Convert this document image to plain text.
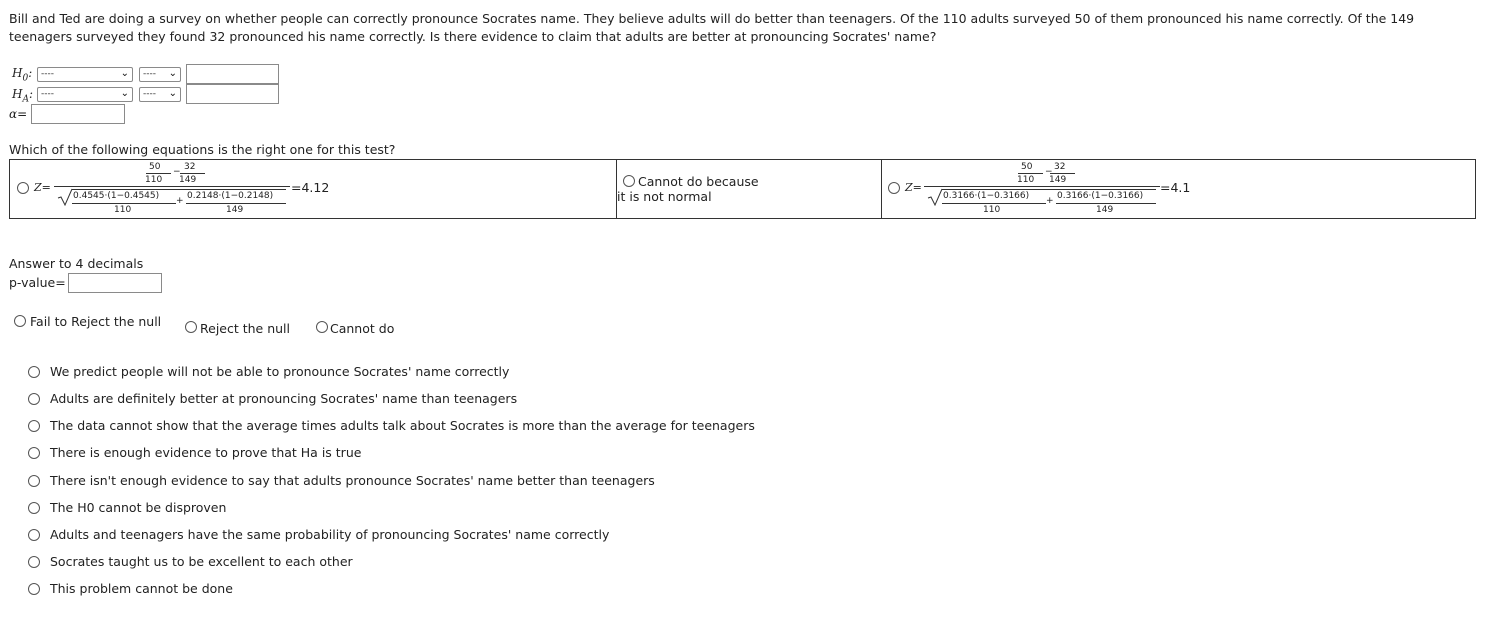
Bill and Ted are doing a survey on whether people can correctly pronounce Socrates name. They believe adults will do better than teenagers. Of the 110 adults surveyed 50 of them pronounced his name correctly. Of the 149 teenagers surveyed they found 32 pronounced his name correctly. Is there evidence to claim that adults are better at pronouncing Socrates' name?
$H_0$: ----	⌄	---- ⌄
$H_A$: ----	⌄	---- ⌄
α=
Which of the following equations is the right one for this test?
Z=
50
110
− 32
149	=4.12
0.4545·(1−0.4545)
110
+ 0.2148·(1−0.2148)
149

Cannot do because
it is not normal

Z=
50
110
− 32
149	=4.1
0.3166·(1−0.3166)
110
+ 0.3166·(1−0.3166)
149
Answer to 4 decimals
p-value=
Fail to Reject the null	Reject the null	Cannot do
We predict people will not be able to pronounce Socrates' name correctly
Adults are definitely better at pronouncing Socrates' name than teenagers
The data cannot show that the average times adults talk about Socrates is more than the average for teenagers
There is enough evidence to prove that Ha is true
There isn't enough evidence to say that adults pronounce Socrates' name better than teenagers
The H0 cannot be disproven
Adults and teenagers have the same probability of pronouncing Socrates' name correctly
Socrates taught us to be excellent to each other
This problem cannot be done
